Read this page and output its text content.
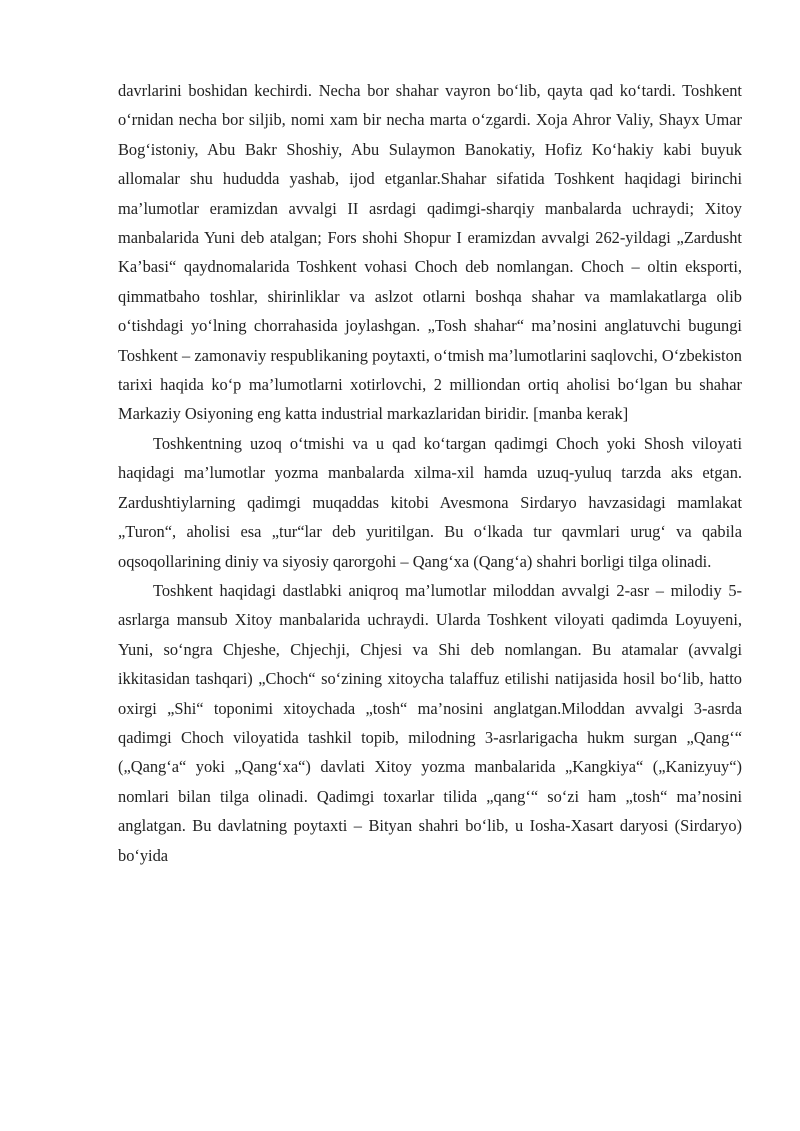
davrlarini boshidan kechirdi. Necha bor shahar vayron bo‘lib, qayta qad ko‘tardi. Toshkent o‘rnidan necha bor siljib, nomi xam bir necha marta o‘zgardi. Xoja Ahror Valiy, Shayx Umar Bog‘istoniy, Abu Bakr Shoshiy, Abu Sulaymon Banokatiy, Hofiz Ko‘hakiy kabi buyuk allomalar shu hududda yashab, ijod etganlar.Shahar sifatida Toshkent haqidagi birinchi ma’lumotlar eramizdan avvalgi II asrdagi qadimgi-sharqiy manbalarda uchraydi; Xitoy manbalarida Yuni deb atalgan; Fors shohi Shopur I eramizdan avvalgi 262-yildagi „Zardusht Ka’basi“ qaydnomalarida Toshkent vohasi Choch deb nomlangan. Choch – oltin eksporti, qimmatbaho toshlar, shirinliklar va aslzot otlarni boshqa shahar va mamlakatlarga olib o‘tishdagi yo‘lning chorrahasida joylashgan. „Tosh shahar“ ma’nosini anglatuvchi bugungi Toshkent – zamonaviy respublikaning poytaxti, o‘tmish ma’lumotlarini saqlovchi, O‘zbekiston tarixi haqida ko‘p ma’lumotlarni xotirlovchi, 2 milliondan ortiq aholisi bo‘lgan bu shahar Markaziy Osiyoning eng katta industrial markazlaridan biridir. [manba kerak]

Toshkentning uzoq o‘tmishi va u qad ko‘targan qadimgi Choch yoki Shosh viloyati haqidagi ma’lumotlar yozma manbalarda xilma-xil hamda uzuq-yuluq tarzda aks etgan. Zardushtiylarning qadimgi muqaddas kitobi Avesmona Sirdaryo havzasidagi mamlakat „Turon“, aholisi esa „tur“lar deb yuritilgan. Bu o‘lkada tur qavmlari urug‘ va qabila oqsoqollarining diniy va siyosiy qarorgohi – Qang‘xa (Qang‘a) shahri borligi tilga olinadi.

Toshkent haqidagi dastlabki aniqroq ma’lumotlar miloddan avvalgi 2-asr – milodiy 5-asrlarga mansub Xitoy manbalarida uchraydi. Ularda Toshkent viloyati qadimda Loyuyeni, Yuni, so‘ngra Chjeshe, Chjechji, Chjesi va Shi deb nomlangan. Bu atamalar (avvalgi ikkitasidan tashqari) „Choch“ so‘zining xitoycha talaffuz etilishi natijasida hosil bo‘lib, hatto oxirgi „Shi“ toponimi xitoychada „tosh“ ma’nosini anglatgan.Miloddan avvalgi 3-asrda qadimgi Choch viloyatida tashkil topib, milodning 3-asrlarigacha hukm surgan „Qang‘“ („Qang‘a“ yoki „Qang‘xa“) davlati Xitoy yozma manbalarida „Kangkiya“ („Kanizyuy“) nomlari bilan tilga olinadi. Qadimgi toxarlar tilida „qang‘“ so‘zi ham „tosh“ ma’nosini anglatgan. Bu davlatning poytaxti – Bityan shahri bo‘lib, u Iosha-Xasart daryosi (Sirdaryo) bo‘yida
